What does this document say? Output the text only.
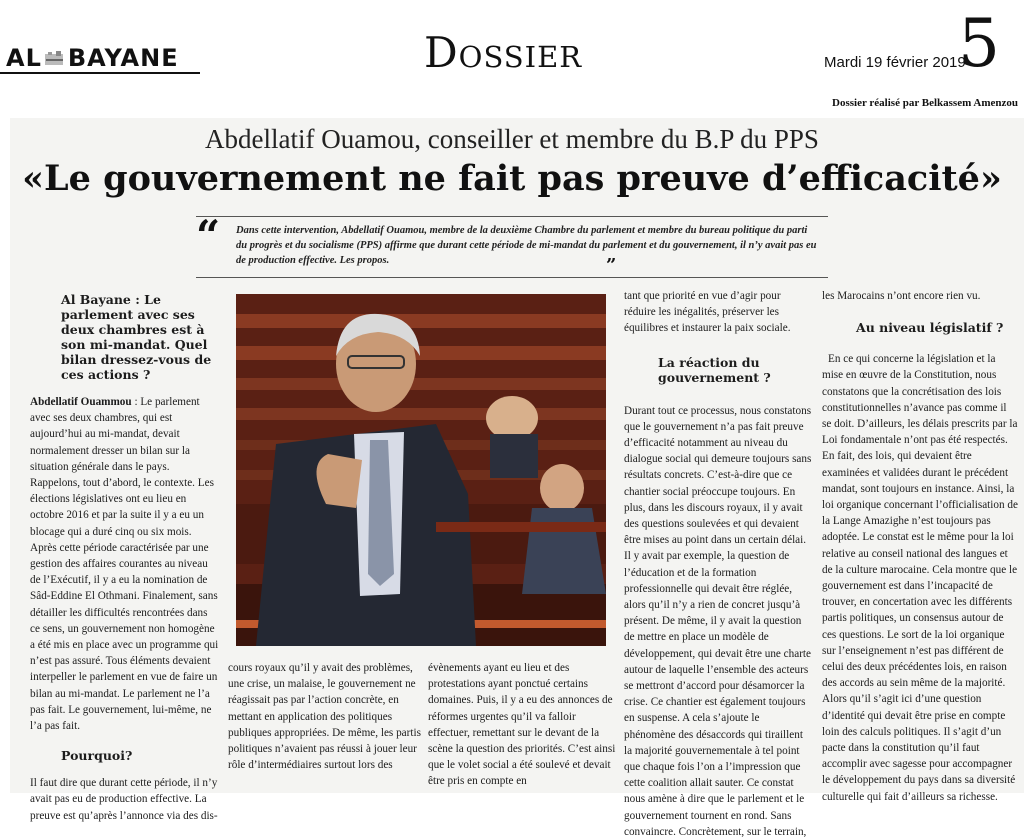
AL BAYANE	Dossier	Mardi 19 février 2019
5
Dossier réalisé par Belkassem Amenzou
Abdellatif Ouamou, conseiller et membre du B.P du PPS
«Le gouvernement ne fait pas preuve d’efficacité»
“ Dans cette intervention, Abdellatif Ouamou, membre de la deuxième Chambre du parlement et membre du bureau politique du parti du progrès et du socialisme (PPS) affirme que durant cette période de mi-mandat du parlement et du gouvernement, il n’y avait pas eu de production effective. Les propos.	”
Al Bayane : Le parlement avec ses deux chambres est à son mi-mandat. Quel bilan dressez-vous de ces actions ?

Abdellatif Ouammou : Le parlement avec ses deux chambres, qui est aujourd’hui au mi-mandat, devait normalement dresser un bilan sur la situation générale dans le pays. Rappelons, tout d’abord, le contexte. Les élections législatives ont eu lieu en octobre 2016 et par la suite il y a eu un blocage qui a duré cinq ou six mois. Après cette période caractérisée par une gestion des affaires courantes au niveau de l’Exécutif, il y a eu la nomination de Sâd-Eddine El Othmani. Finalement, sans détailler les difficultés rencontrées dans ce sens, un gouvernement non homogène a été mis en place avec un programme qui n’est pas assuré. Tous éléments devaient interpeller le parlement en vue de faire un bilan au mi-mandat. Le parlement ne l’a pas fait. Le gouvernement, lui-même, ne l’a pas fait.

Pourquoi?

Il faut dire que durant cette période, il n’y avait pas eu de production effective. La preuve est qu’après l’annonce via des dis-

cours royaux qu’il y avait des problèmes, une crise, un malaise, le gouvernement ne réagissait pas par l’action concrète, en mettant en application des politiques publiques appropriées. De même, les partis politiques n’avaient pas réussi à jouer leur rôle d’intermédiaires surtout lors des

évènements ayant eu lieu et des protestations ayant ponctué certains domaines. Puis, il y a eu des annonces de réformes urgentes qu’il va falloir effectuer, remettant sur le devant de la scène la question des priorités. C’est ainsi que le volet social a été soulevé et devait être pris en compte en

tant que priorité en vue d’agir pour réduire les inégalités, préserver les équilibres et instaurer la paix sociale.

La réaction du gouvernement ?

Durant tout ce processus, nous constatons que le gouvernement n’a pas fait preuve d’efficacité notamment au niveau du dialogue social qui demeure toujours sans résultats concrets. C’est-à-dire que ce chantier social préoccupe toujours. En plus, dans les discours royaux, il y avait des questions soulevées et qui devaient être mises au point dans un certain délai. Il y avait par exemple, la question de l’éducation et de la formation professionnelle qui devait être réglée, alors qu’il n’y a rien de concret jusqu’à présent. De même, il y avait la question de mettre en place un modèle de développement, qui devait être une charte autour de laquelle l’ensemble des acteurs se mettront d’accord pour désamorcer la crise. Ce chantier est également toujours en suspense. A cela s’ajoute le phénomène des désaccords qui tiraillent la majorité gouvernementale à tel point que chaque fois l’on a l’impression que cette coalition allait sauter. Ce constat nous amène à dire que le parlement et le gouvernement tournent en rond. Sans convaincre. Concrètement, sur le terrain,

les Marocains n’ont encore rien vu.

Au niveau législatif ?

En ce qui concerne la législation et la mise en œuvre de la Constitution, nous constatons que la concrétisation des lois constitutionnelles n’avance pas comme il se doit. D’ailleurs, les délais prescrits par la Loi fondamentale n’ont pas été respectés. En fait, des lois, qui devaient être examinées et validées durant le précédent mandat, sont toujours en instance. Ainsi, la loi organique concernant l’officialisation de la Lange Amazighe n’est toujours pas adoptée. Le constat est le même pour la loi relative au conseil national des langues et de la culture marocaine. Cela montre que le gouvernement est dans l’incapacité de trouver, en concertation avec les différents partis politiques, un consensus autour de ces questions. Le sort de la loi organique sur l’enseignement n’est pas différent de celui des deux précédentes lois, en raison des accords au sein même de la majorité. Alors qu’il s’agit ici d’une question d’identité qui devait être prise en compte loin des calculs politiques. Il s’agit d’un pacte dans la constitution qu’il faut accomplir avec sagesse pour accompagner le développement du pays dans sa diversité culturelle qui fait d’ailleurs sa richesse.
